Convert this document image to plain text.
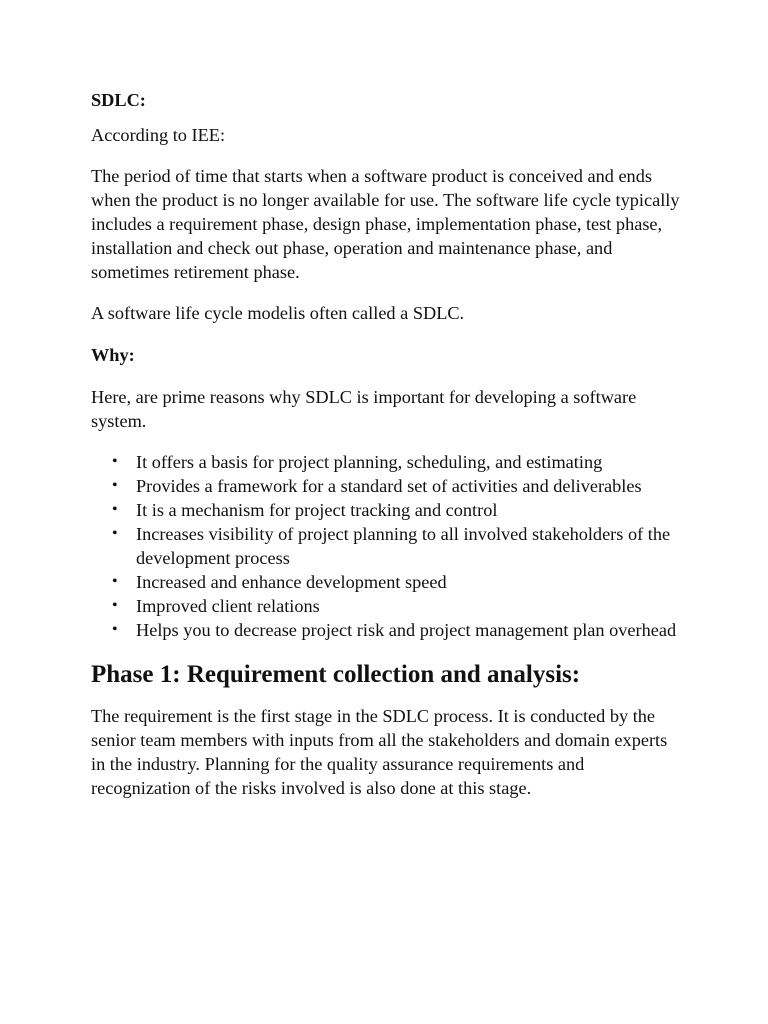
SDLC:

According to IEE:

The period of time that starts when a software product is conceived and ends when the product is no longer available for use. The software life cycle typically includes a requirement phase, design phase, implementation phase, test phase, installation and check out phase, operation and maintenance phase, and sometimes retirement phase.

A software life cycle modelis often called a SDLC.

Why:

Here, are prime reasons why SDLC is important for developing a software system.

• It offers a basis for project planning, scheduling, and estimating
• Provides a framework for a standard set of activities and deliverables
• It is a mechanism for project tracking and control
• Increases visibility of project planning to all involved stakeholders of the development process
• Increased and enhance development speed
• Improved client relations
• Helps you to decrease project risk and project management plan overhead
Phase 1: Requirement collection and analysis:

The requirement is the first stage in the SDLC process. It is conducted by the senior team members with inputs from all the stakeholders and domain experts in the industry. Planning for the quality assurance requirements and recognization of the risks involved is also done at this stage.
